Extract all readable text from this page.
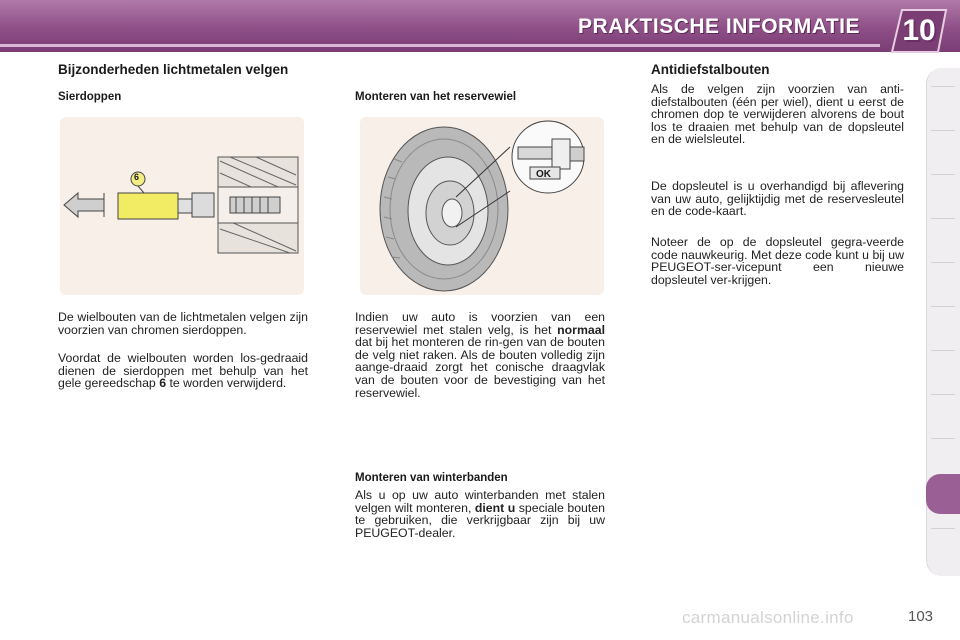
PRAKTISCHE INFORMATIE 10
Bijzonderheden lichtmetalen velgen
Sierdoppen
6

De wielbouten van de lichtmetalen velgen zijn voorzien van chromen sierdoppen.

Voordat de wielbouten worden los-gedraaid dienen de sierdoppen met behulp van het gele gereedschap 6 te worden verwijderd.

Monteren van het reservewiel
OK

Indien uw auto is voorzien van een reservewiel met stalen velg, is het normaal dat bij het monteren de rin-gen van de bouten de velg niet raken. Als de bouten volledig zijn aange-draaid zorgt het conische draagvlak van de bouten voor de bevestiging van het reservewiel.

Monteren van winterbanden

Als u op uw auto winterbanden met stalen velgen wilt monteren, dient u speciale bouten te gebruiken, die verkrijgbaar zijn bij uw PEUGEOT-dealer.

Antidiefstalbouten

Als de velgen zijn voorzien van anti-diefstalbouten (één per wiel), dient u eerst de chromen dop te verwijderen alvorens de bout los te draaien met behulp van de dopsleutel en de wielsleutel.

De dopsleutel is u overhandigd bij aflevering van uw auto, gelijktijdig met de reservesleutel en de code-kaart.

Noteer de op de dopsleutel gegra-veerde code nauwkeurig. Met deze code kunt u bij uw PEUGEOT-ser-vicepunt een nieuwe dopsleutel ver-krijgen.

carmanualsonline.info	103
